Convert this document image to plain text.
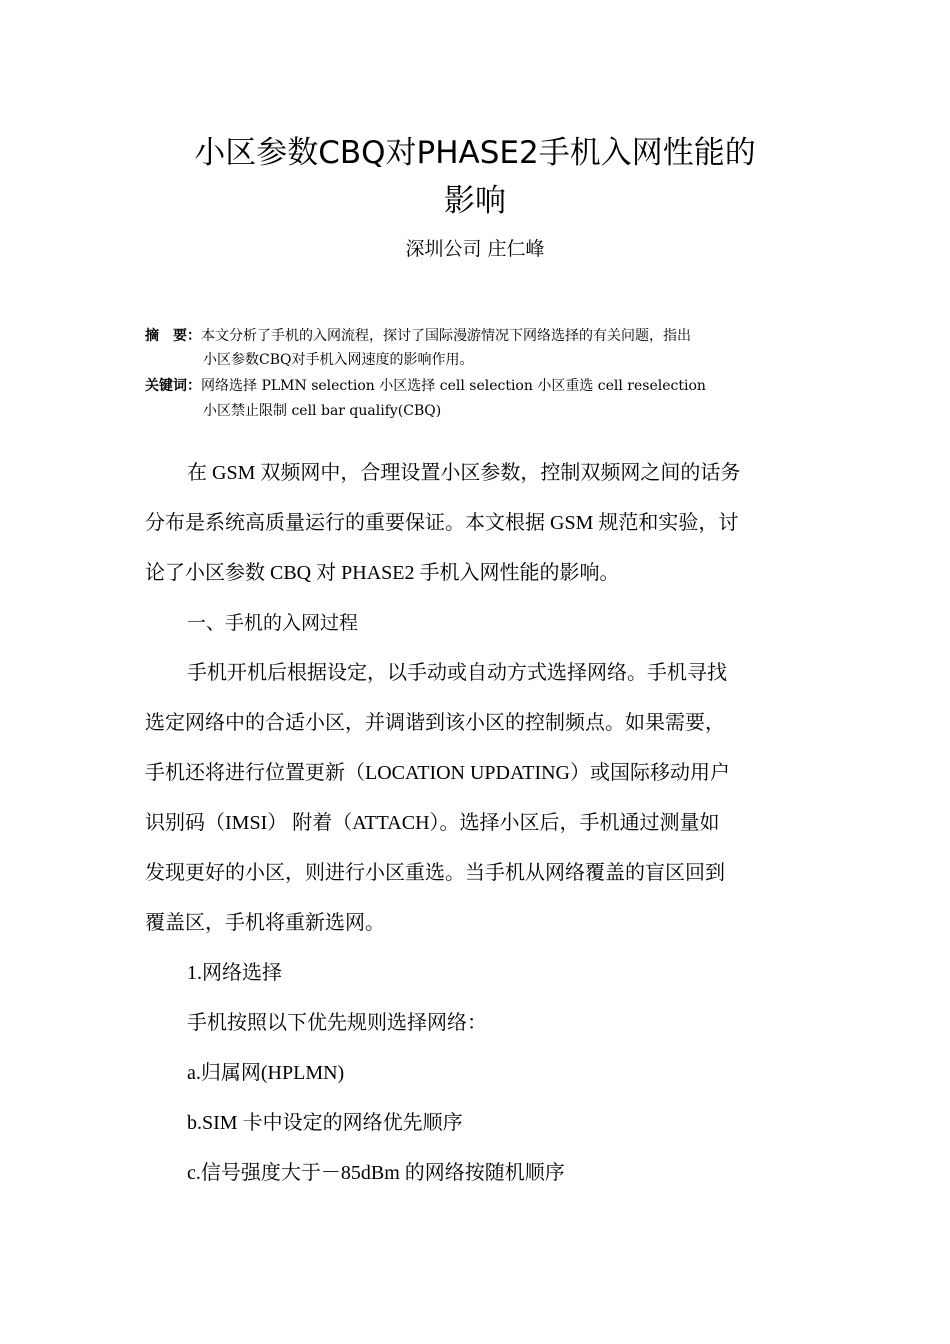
小区参数CBQ对PHASE2手机入网性能的
影响
深圳公司 庄仁峰
摘　要：本文分析了手机的入网流程，探讨了国际漫游情况下网络选择的有关问题，指出
小区参数CBQ对手机入网速度的影响作用。
关键词：网络选择 PLMN selection 小区选择 cell selection 小区重选 cell reselection
小区禁止限制 cell bar qualify(CBQ)
在 GSM 双频网中，合理设置小区参数，控制双频网之间的话务
分布是系统高质量运行的重要保证。本文根据 GSM 规范和实验，讨
论了小区参数 CBQ 对 PHASE2 手机入网性能的影响。
一、手机的入网过程
手机开机后根据设定，以手动或自动方式选择网络。手机寻找
选定网络中的合适小区，并调谐到该小区的控制频点。如果需要，
手机还将进行位置更新（LOCATION UPDATING）或国际移动用户
识别码（IMSI） 附着（ATTACH）。选择小区后，手机通过测量如
发现更好的小区，则进行小区重选。当手机从网络覆盖的盲区回到
覆盖区，手机将重新选网。
1.网络选择
手机按照以下优先规则选择网络：
a.归属网(HPLMN)
b.SIM 卡中设定的网络优先顺序
c.信号强度大于－85dBm 的网络按随机顺序
